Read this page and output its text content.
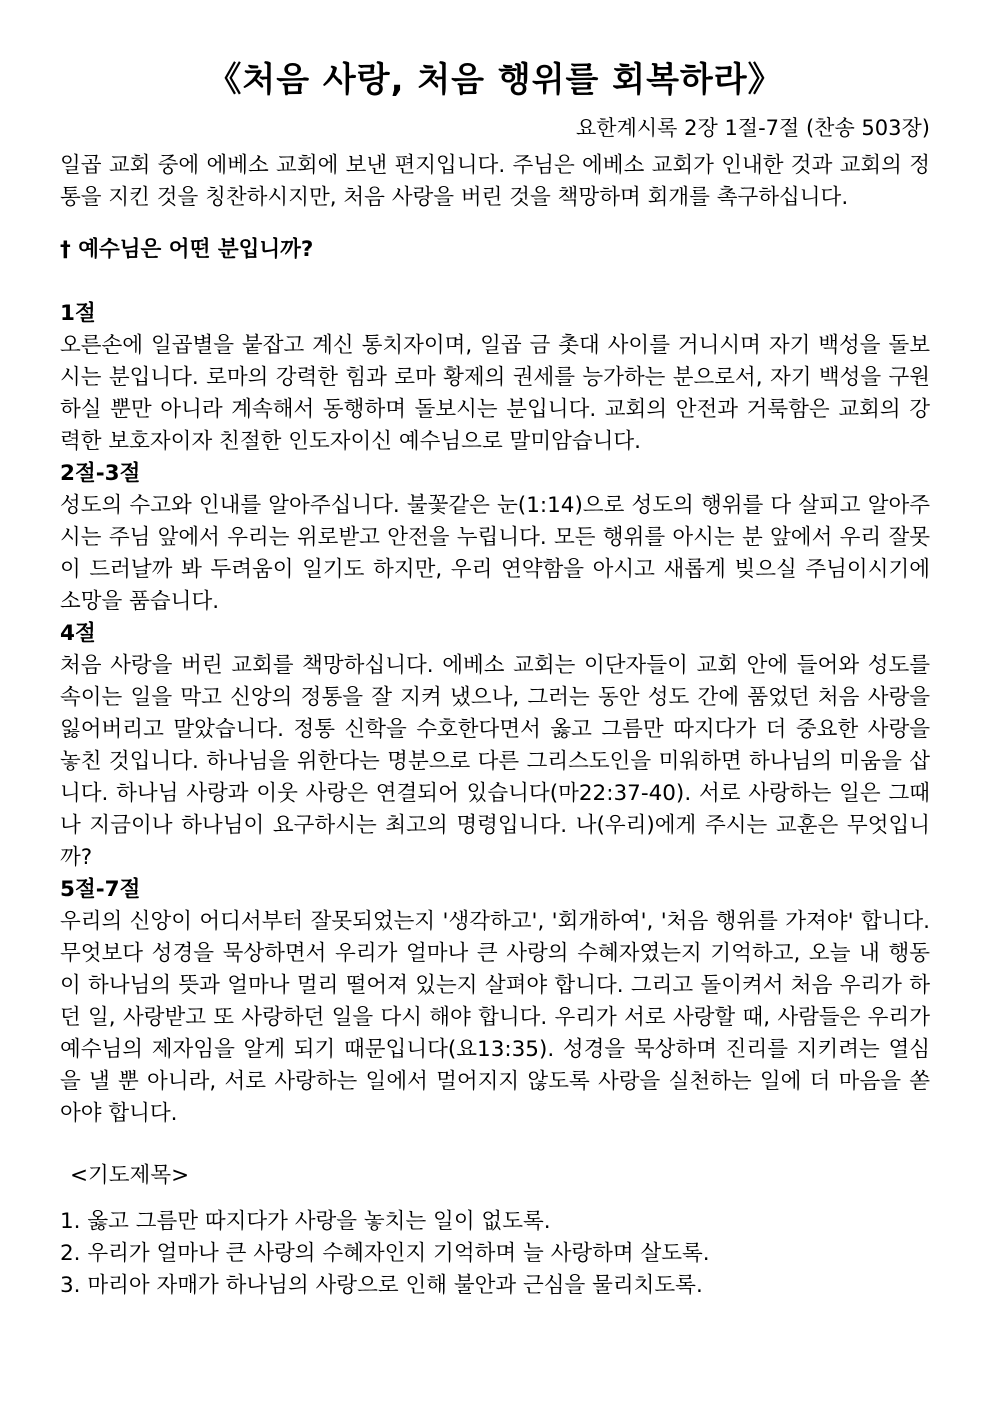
《처음 사랑, 처음 행위를 회복하라》
요한계시록 2장 1절-7절 (찬송 503장)

일곱 교회 중에 에베소 교회에 보낸 편지입니다. 주님은 에베소 교회가 인내한 것과 교회의 정통을 지킨 것을 칭찬하시지만, 처음 사랑을 버린 것을 책망하며 회개를 촉구하십니다.

† 예수님은 어떤 분입니까?

1절

오른손에 일곱별을 붙잡고 계신 통치자이며, 일곱 금 촛대 사이를 거니시며 자기 백성을 돌보시는 분입니다. 로마의 강력한 힘과 로마 황제의 권세를 능가하는 분으로서, 자기 백성을 구원하실 뿐만 아니라 계속해서 동행하며 돌보시는 분입니다. 교회의 안전과 거룩함은 교회의 강력한 보호자이자 친절한 인도자이신 예수님으로 말미암습니다.

2절-3절

성도의 수고와 인내를 알아주십니다. 불꽃같은 눈(1:14)으로 성도의 행위를 다 살피고 알아주시는 주님 앞에서 우리는 위로받고 안전을 누립니다. 모든 행위를 아시는 분 앞에서 우리 잘못이 드러날까 봐 두려움이 일기도 하지만, 우리 연약함을 아시고 새롭게 빚으실 주님이시기에 소망을 품습니다.

4절

처음 사랑을 버린 교회를 책망하십니다. 에베소 교회는 이단자들이 교회 안에 들어와 성도를 속이는 일을 막고 신앙의 정통을 잘 지켜 냈으나, 그러는 동안 성도 간에 품었던 처음 사랑을 잃어버리고 말았습니다. 정통 신학을 수호한다면서 옳고 그름만 따지다가 더 중요한 사랑을 놓친 것입니다. 하나님을 위한다는 명분으로 다른 그리스도인을 미워하면 하나님의 미움을 삽니다. 하나님 사랑과 이웃 사랑은 연결되어 있습니다(마22:37-40). 서로 사랑하는 일은 그때나 지금이나 하나님이 요구하시는 최고의 명령입니다. 나(우리)에게 주시는 교훈은 무엇입니까?

5절-7절

우리의 신앙이 어디서부터 잘못되었는지 '생각하고', '회개하여', '처음 행위를 가져야' 합니다. 무엇보다 성경을 묵상하면서 우리가 얼마나 큰 사랑의 수혜자였는지 기억하고, 오늘 내 행동이 하나님의 뜻과 얼마나 멀리 떨어져 있는지 살펴야 합니다. 그리고 돌이켜서 처음 우리가 하던 일, 사랑받고 또 사랑하던 일을 다시 해야 합니다. 우리가 서로 사랑할 때, 사람들은 우리가 예수님의 제자임을 알게 되기 때문입니다(요13:35). 성경을 묵상하며 진리를 지키려는 열심을 낼 뿐 아니라, 서로 사랑하는 일에서 멀어지지 않도록 사랑을 실천하는 일에 더 마음을 쏟아야 합니다.

<기도제목>

1. 옳고 그름만 따지다가 사랑을 놓치는 일이 없도록.
2. 우리가 얼마나 큰 사랑의 수혜자인지 기억하며 늘 사랑하며 살도록.
3. 마리아 자매가 하나님의 사랑으로 인해 불안과 근심을 물리치도록.
